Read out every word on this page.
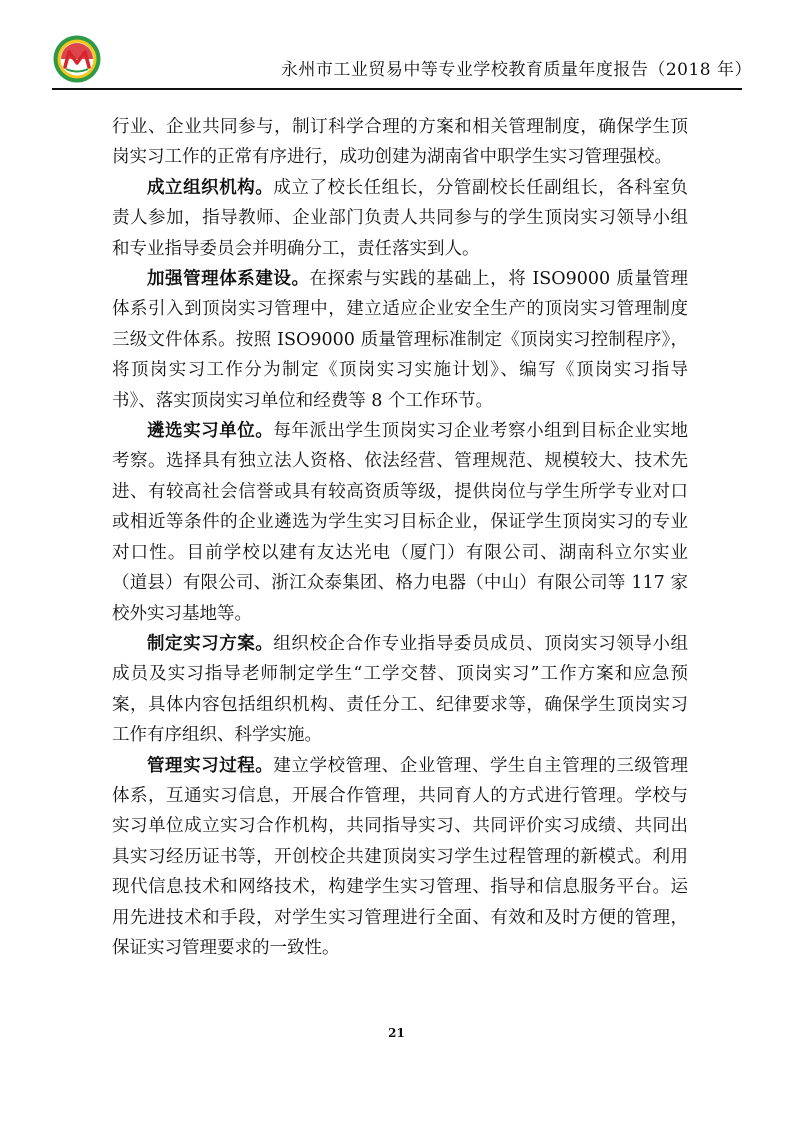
永州市工业贸易中等专业学校教育质量年度报告（2018 年）

行业、企业共同参与，制订科学合理的方案和相关管理制度，确保学生顶岗实习工作的正常有序进行，成功创建为湖南省中职学生实习管理强校。

成立组织机构。成立了校长任组长，分管副校长任副组长，各科室负责人参加，指导教师、企业部门负责人共同参与的学生顶岗实习领导小组和专业指导委员会并明确分工，责任落实到人。

加强管理体系建设。在探索与实践的基础上，将 ISO9000 质量管理体系引入到顶岗实习管理中，建立适应企业安全生产的顶岗实习管理制度三级文件体系。按照 ISO9000 质量管理标准制定《顶岗实习控制程序》，将顶岗实习工作分为制定《顶岗实习实施计划》、编写《顶岗实习指导书》、落实顶岗实习单位和经费等 8 个工作环节。

遴选实习单位。每年派出学生顶岗实习企业考察小组到目标企业实地考察。选择具有独立法人资格、依法经营、管理规范、规模较大、技术先进、有较高社会信誉或具有较高资质等级，提供岗位与学生所学专业对口或相近等条件的企业遴选为学生实习目标企业，保证学生顶岗实习的专业对口性。目前学校以建有友达光电（厦门）有限公司、湖南科立尔实业（道县）有限公司、浙江众泰集团、格力电器（中山）有限公司等 117 家校外实习基地等。

制定实习方案。组织校企合作专业指导委员成员、顶岗实习领导小组成员及实习指导老师制定学生“工学交替、顶岗实习”工作方案和应急预案，具体内容包括组织机构、责任分工、纪律要求等，确保学生顶岗实习工作有序组织、科学实施。

管理实习过程。建立学校管理、企业管理、学生自主管理的三级管理体系，互通实习信息，开展合作管理，共同育人的方式进行管理。学校与实习单位成立实习合作机构，共同指导实习、共同评价实习成绩、共同出具实习经历证书等，开创校企共建顶岗实习学生过程管理的新模式。利用现代信息技术和网络技术，构建学生实习管理、指导和信息服务平台。运用先进技术和手段，对学生实习管理进行全面、有效和及时方便的管理，保证实习管理要求的一致性。

21
